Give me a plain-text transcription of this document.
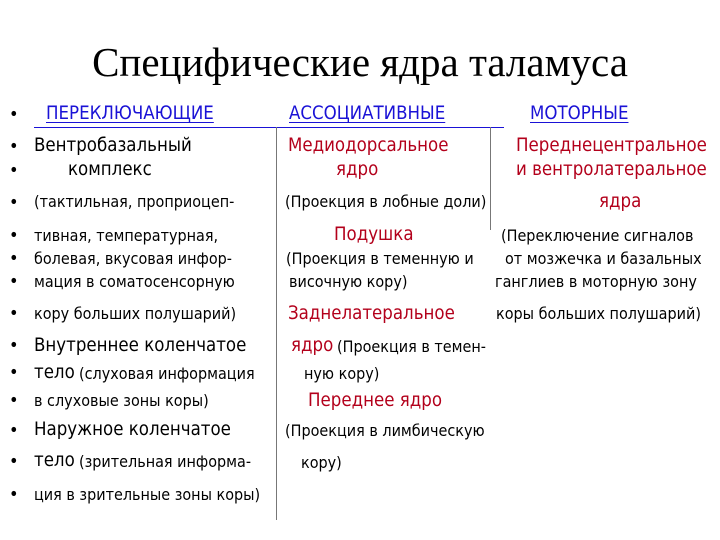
Специфические ядра таламуса
ПЕРЕКЛЮЧАЮЩИЕ	АССОЦИАТИВНЫЕ	МОТОРНЫЕ
•
•
•
•
•
•
•
•
•
•
•
•
•
•
Вентробазальный
комплекс
(тактильная, проприоцеп-
тивная, температурная,
болевая, вкусовая инфор-
мация в соматосенсорную
кору больших полушарий)
Внутреннее коленчатое
тело (слуховая информация
в слуховые зоны коры)
Наружное коленчатое
тело (зрительная информа-
ция в зрительные зоны коры)
Медиодорсальное
ядро
(Проекция в лобные доли)
Подушка
(Проекция в теменную и
височную кору)
Заднелатеральное
ядро (Проекция в темен-
ную кору)
Переднее ядро
(Проекция в лимбическую
кору)
Переднецентральное
и вентролатеральное
ядра
(Переключение сигналов
от мозжечка и базальных
ганглиев в моторную зону
коры больших полушарий)
